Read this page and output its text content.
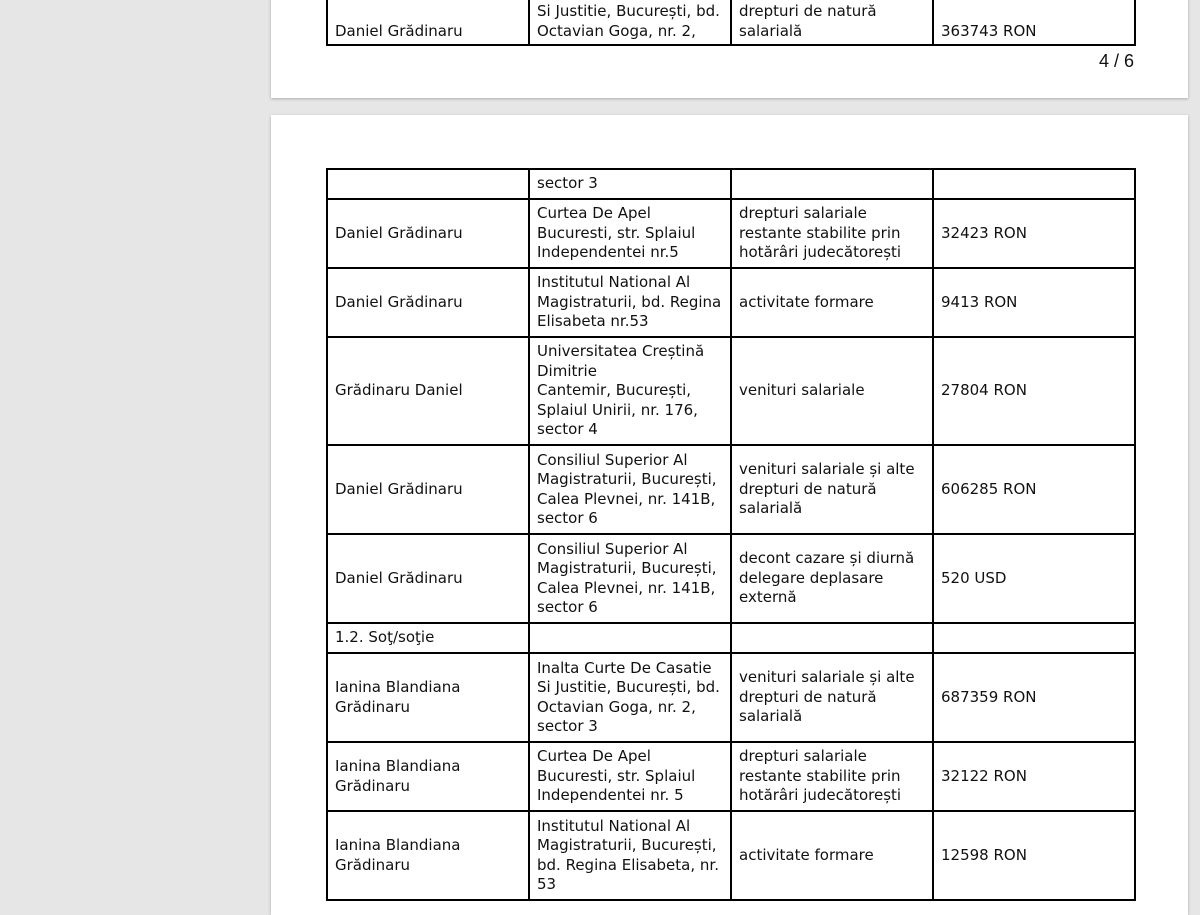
Daniel Grădinaru	Si Justitie, București, bd.
Octavian Goga, nr. 2,	drepturi de natură
salarială	363743 RON
4 / 6
	sector 3		
Daniel Grădinaru	Curtea De Apel
Bucuresti, str. Splaiul
Independentei nr.5	drepturi salariale
restante stabilite prin
hotărâri judecătorești	32423 RON
Daniel Grădinaru	Institutul National Al
Magistraturii, bd. Regina
Elisabeta nr.53	activitate formare	9413 RON
Grădinaru Daniel	Universitatea Creștină
Dimitrie
Cantemir, București,
Splaiul Unirii, nr. 176,
sector 4	venituri salariale	27804 RON
Daniel Grădinaru	Consiliul Superior Al
Magistraturii, București,
Calea Plevnei, nr. 141B,
sector 6	venituri salariale și alte
drepturi de natură
salarială	606285 RON
Daniel Grădinaru	Consiliul Superior Al
Magistraturii, București,
Calea Plevnei, nr. 141B,
sector 6	decont cazare și diurnă
delegare deplasare
externă	520 USD
1.2. Soţ/soţie			
Ianina Blandiana
Grădinaru	Inalta Curte De Casatie
Si Justitie, București, bd.
Octavian Goga, nr. 2,
sector 3	venituri salariale și alte
drepturi de natură
salarială	687359 RON
Ianina Blandiana
Grădinaru	Curtea De Apel
Bucuresti, str. Splaiul
Independentei nr. 5	drepturi salariale
restante stabilite prin
hotărâri judecătorești	32122 RON
Ianina Blandiana
Grădinaru	Institutul National Al
Magistraturii, București,
bd. Regina Elisabeta, nr.
53	activitate formare	12598 RON
